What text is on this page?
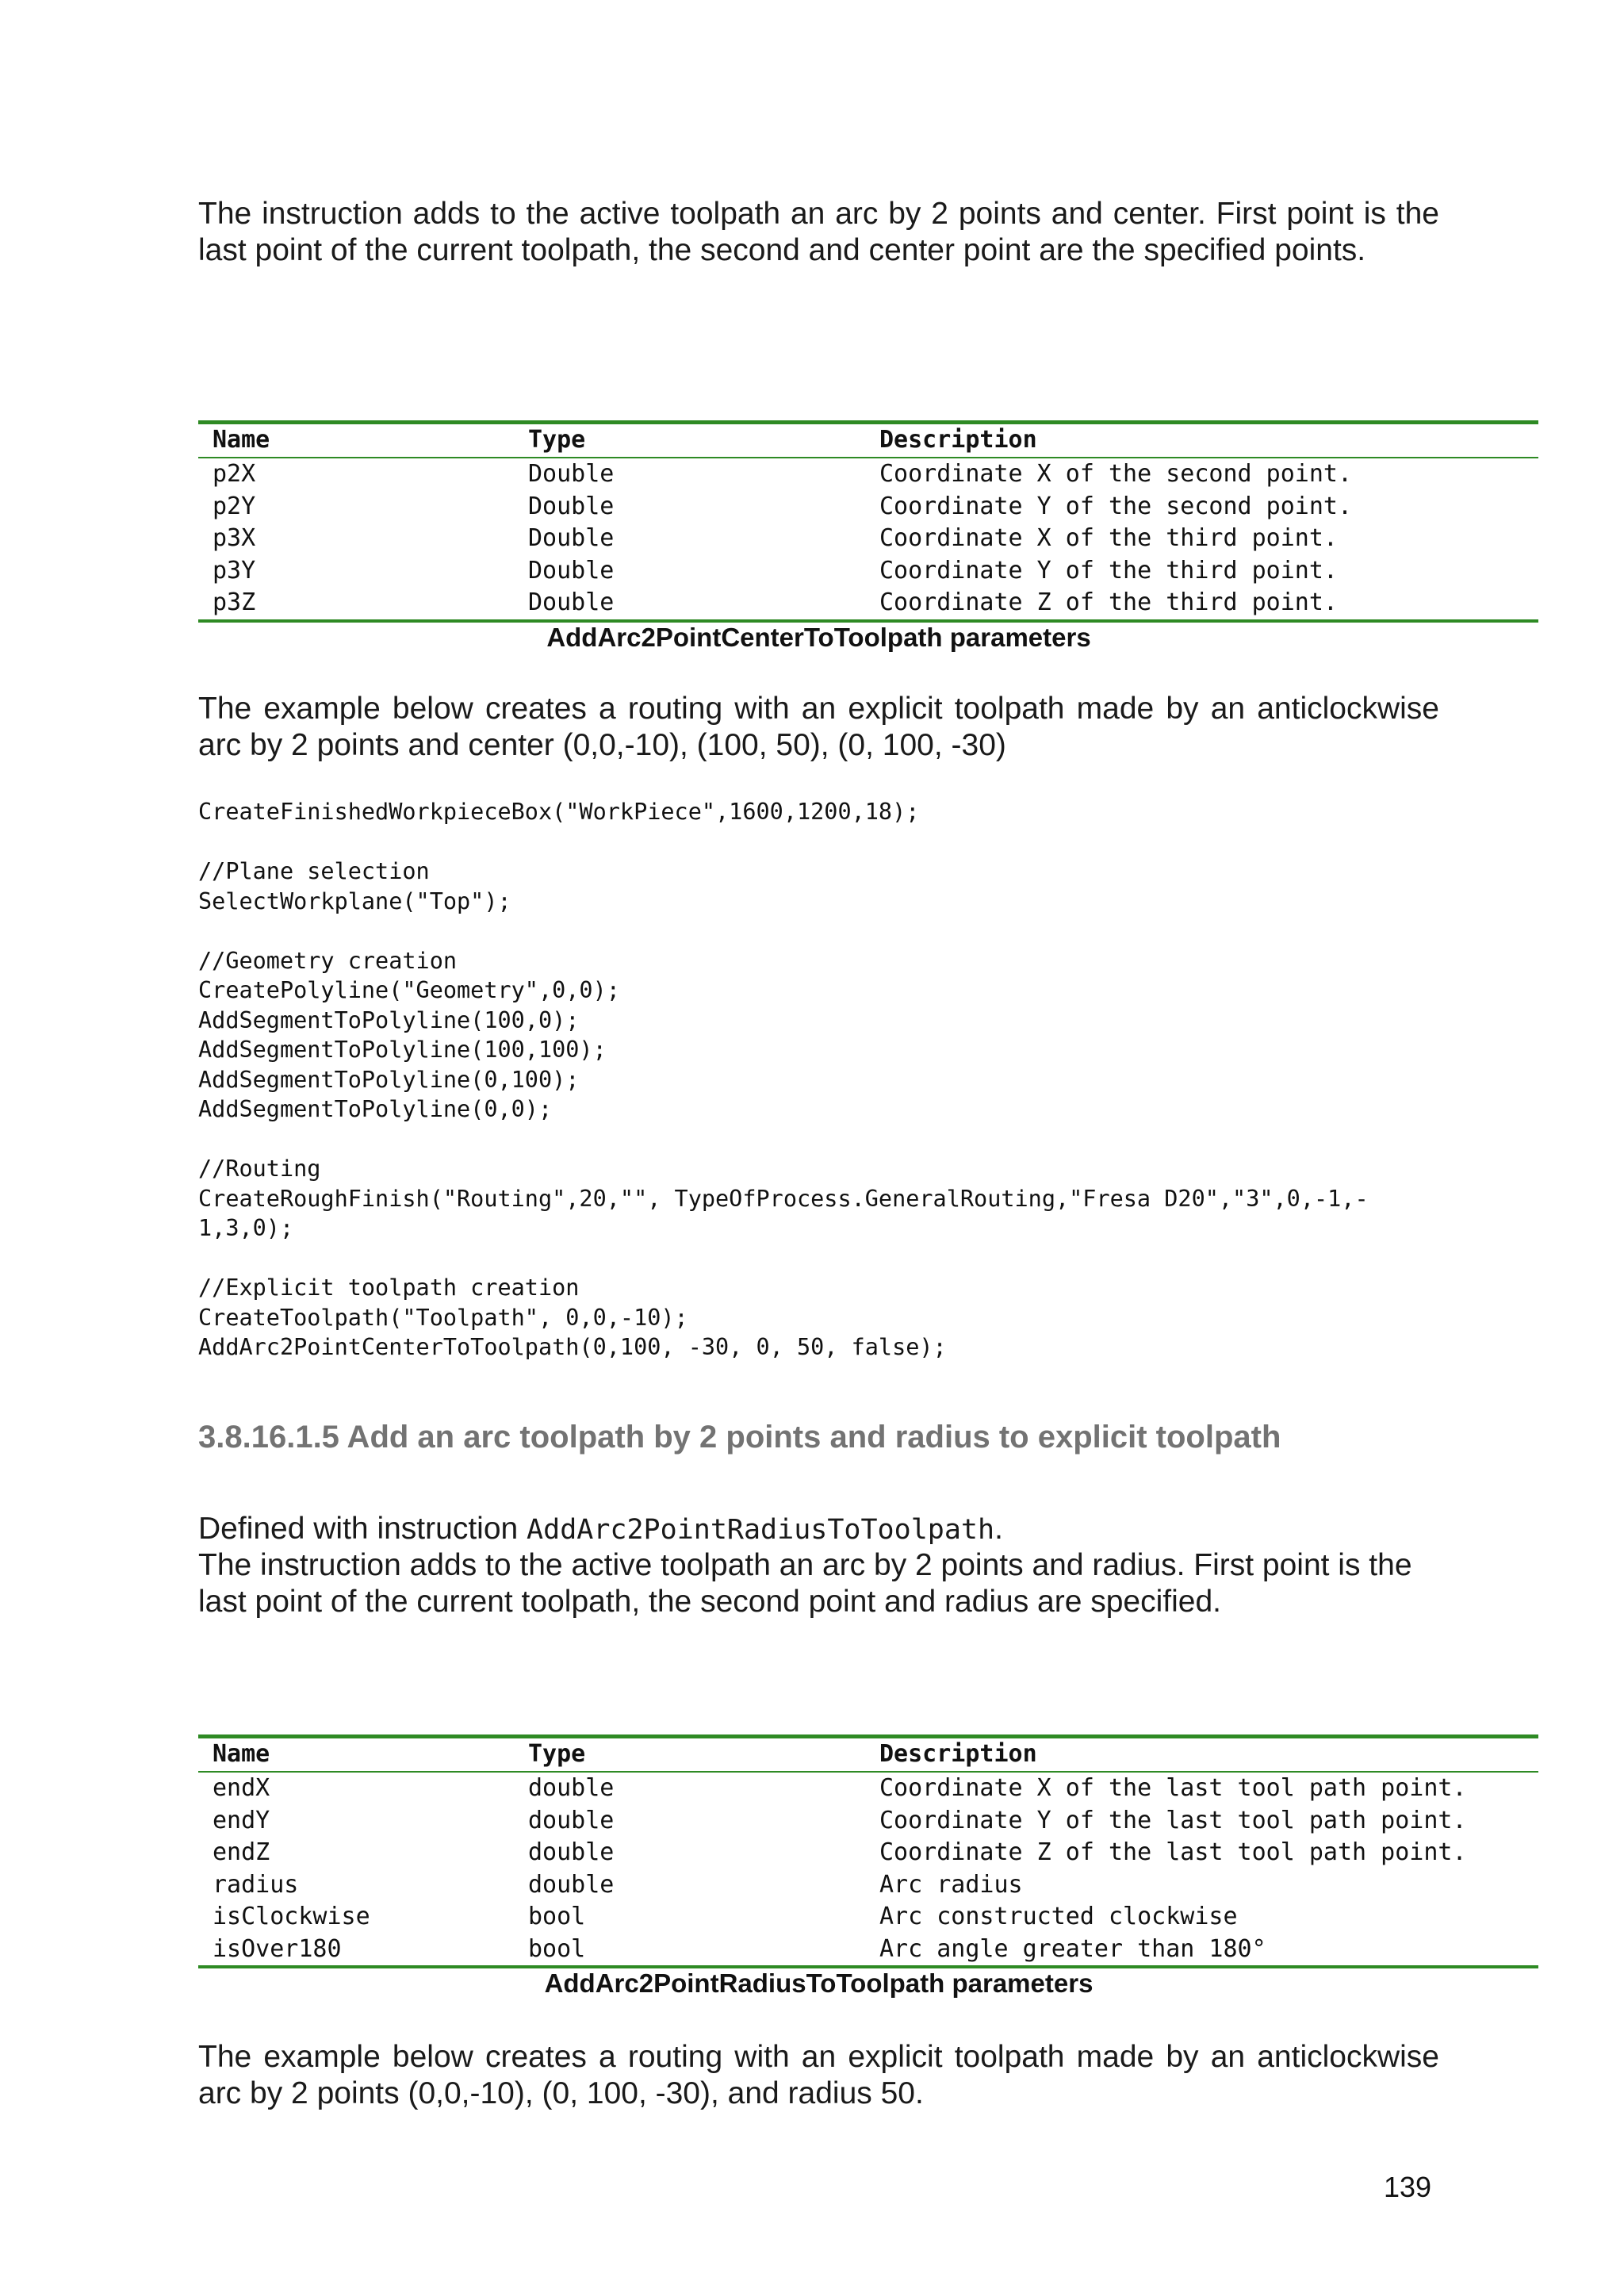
The instruction adds to the active toolpath an arc by 2 points and center. First point is the last point of the current toolpath, the second and center point are the specified points.

Name	Type	Description
p2X	Double	Coordinate X of the second point.
p2Y	Double	Coordinate Y of the second point.
p3X	Double	Coordinate X of the third point.
p3Y	Double	Coordinate Y of the third point.
p3Z	Double	Coordinate Z of the third point.
AddArc2PointCenterToToolpath parameters

The example below creates a routing with an explicit toolpath made by an anticlockwise arc by 2 points and center (0,0,-10), (100, 50), (0, 100, -30)

CreateFinishedWorkpieceBox("WorkPiece",1600,1200,18);

//Plane selection
SelectWorkplane("Top");

//Geometry creation
CreatePolyline("Geometry",0,0);
AddSegmentToPolyline(100,0);
AddSegmentToPolyline(100,100);
AddSegmentToPolyline(0,100);
AddSegmentToPolyline(0,0);

//Routing
CreateRoughFinish("Routing",20,"", TypeOfProcess.GeneralRouting,"Fresa D20","3",0,-1,-
1,3,0);

//Explicit toolpath creation
CreateToolpath("Toolpath", 0,0,-10);
AddArc2PointCenterToToolpath(0,100, -30, 0, 50, false);
3.8.16.1.5 Add an arc toolpath by 2 points and radius to explicit toolpath

Defined with instruction AddArc2PointRadiusToToolpath.

The instruction adds to the active toolpath an arc by 2 points and radius. First point is the last point of the current toolpath, the second point and radius are specified.

Name	Type	Description
endX	double	Coordinate X of the last tool path point.
endY	double	Coordinate Y of the last tool path point.
endZ	double	Coordinate Z of the last tool path point.
radius	double	Arc radius
isClockwise	bool	Arc constructed clockwise
isOver180	bool	Arc angle greater than 180°
AddArc2PointRadiusToToolpath parameters

The example below creates a routing with an explicit toolpath made by an anticlockwise arc by 2 points (0,0,-10), (0, 100, -30), and radius 50.

139
